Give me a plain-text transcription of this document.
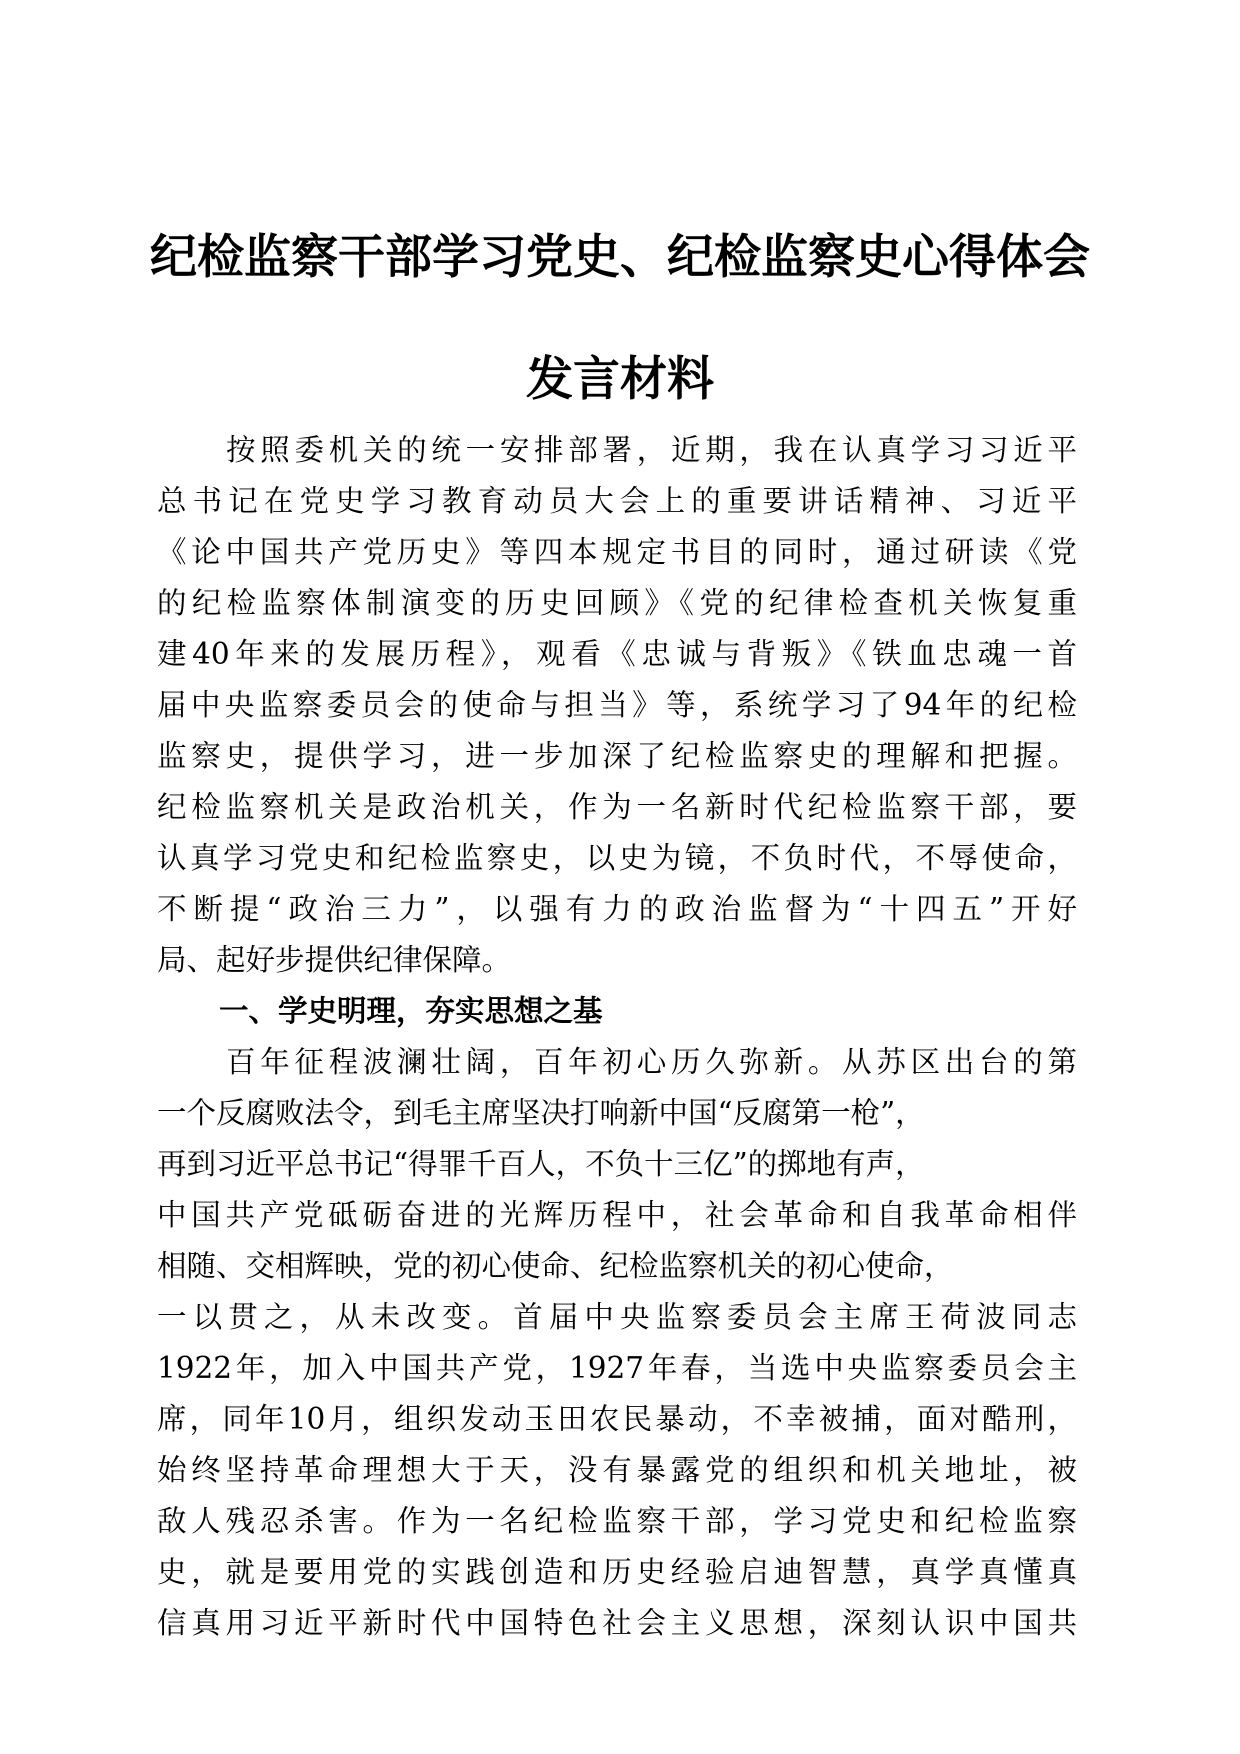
纪检监察干部学习党史、纪检监察史心得体会
发言材料
按照委机关的统一安排部署，近期，我在认真学习习近平
总书记在党史学习教育动员大会上的重要讲话精神、习近平
《论中国共产党历史》等四本规定书目的同时，通过研读《党
的纪检监察体制演变的历史回顾》《党的纪律检查机关恢复重
建40年来的发展历程》，观看《忠诚与背叛》《铁血忠魂一首
届中央监察委员会的使命与担当》等，系统学习了94年的纪检
监察史，提供学习，进一步加深了纪检监察史的理解和把握。
纪检监察机关是政治机关，作为一名新时代纪检监察干部，要
认真学习党史和纪检监察史，以史为镜，不负时代，不辱使命，
不断提“政治三力”，以强有力的政治监督为“十四五”开好
局、起好步提供纪律保障。
一、学史明理，夯实思想之基
百年征程波澜壮阔，百年初心历久弥新。从苏区出台的第
一个反腐败法令，到毛主席坚决打响新中国“反腐第一枪”，
再到习近平总书记“得罪千百人，不负十三亿”的掷地有声，
中国共产党砥砺奋进的光辉历程中，社会革命和自我革命相伴
相随、交相辉映，党的初心使命、纪检监察机关的初心使命，
一以贯之，从未改变。首届中央监察委员会主席王荷波同志
1922年，加入中国共产党，1927年春，当选中央监察委员会主
席，同年10月，组织发动玉田农民暴动，不幸被捕，面对酷刑，
始终坚持革命理想大于天，没有暴露党的组织和机关地址，被
敌人残忍杀害。作为一名纪检监察干部，学习党史和纪检监察
史，就是要用党的实践创造和历史经验启迪智慧，真学真懂真
信真用习近平新时代中国特色社会主义思想，深刻认识中国共
